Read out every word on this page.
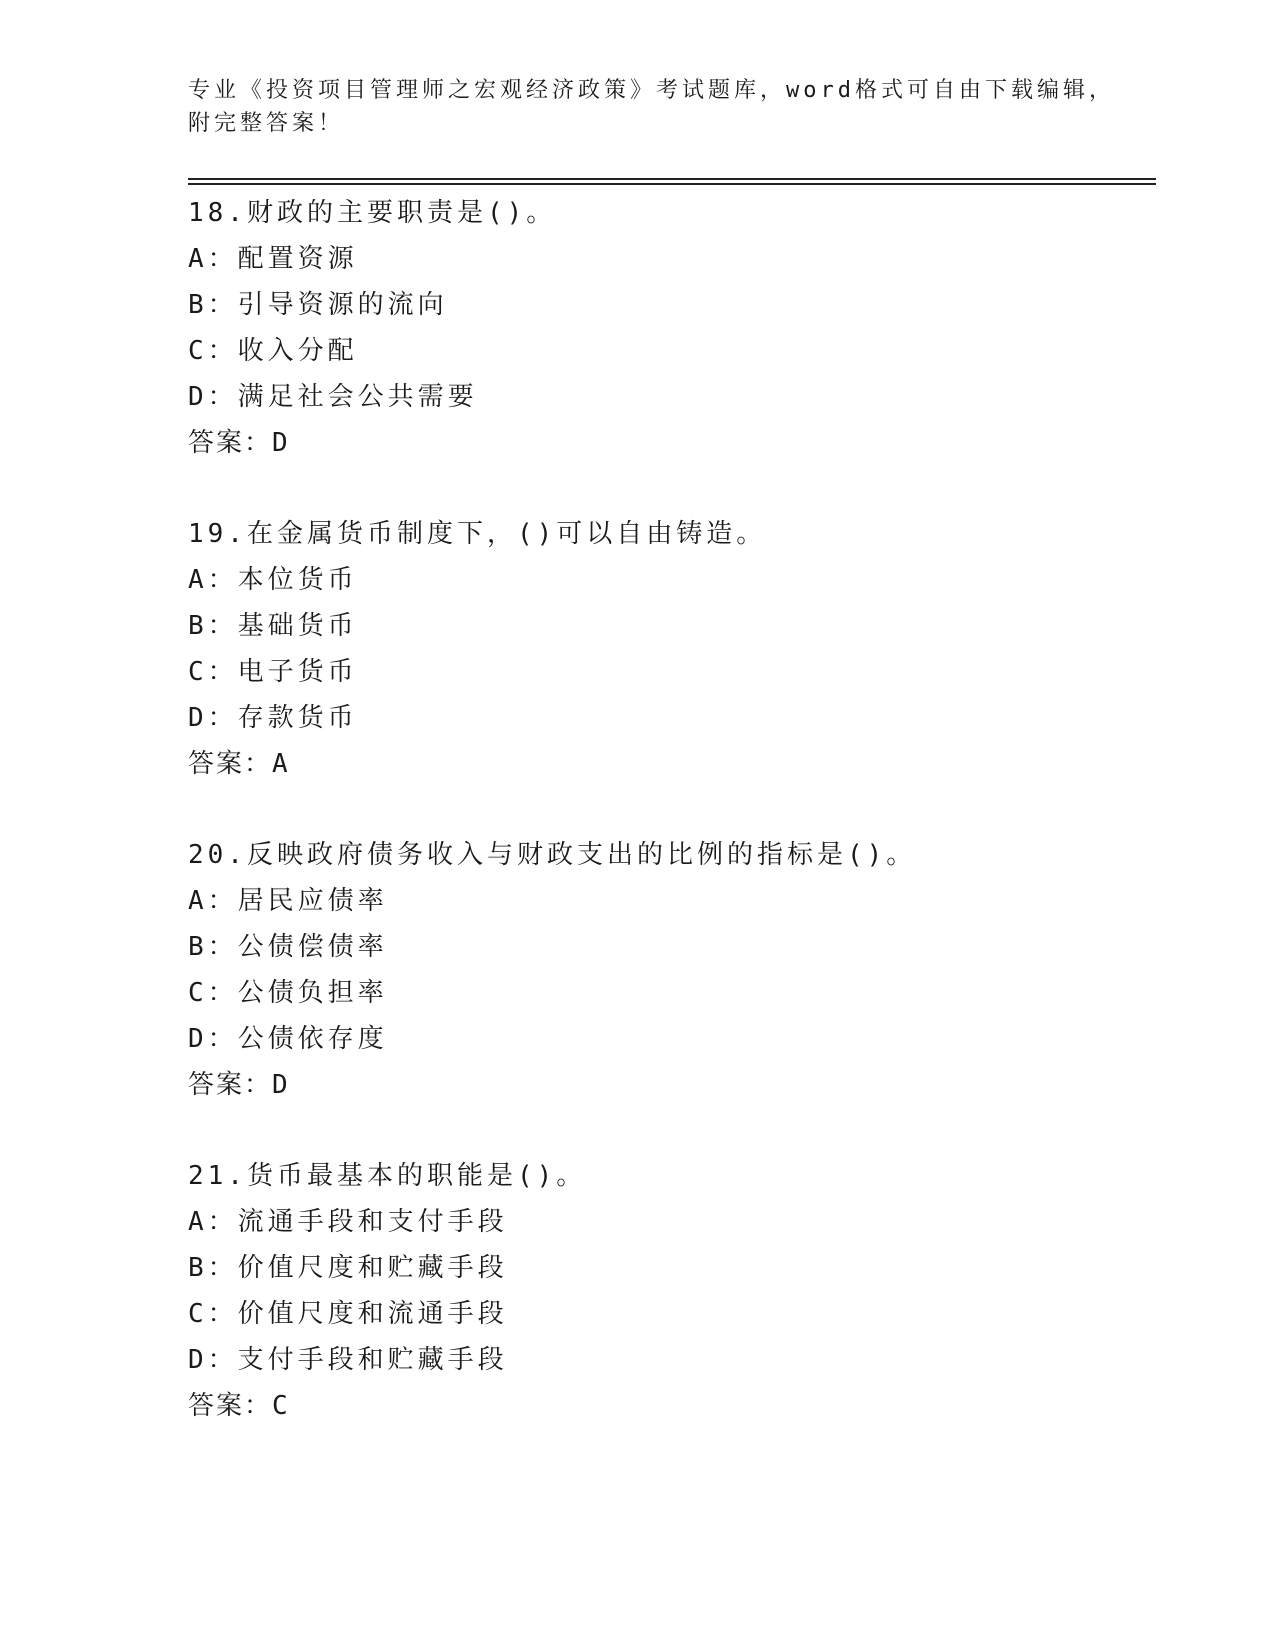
专业《投资项目管理师之宏观经济政策》考试题库，word格式可自由下载编辑，
附完整答案！
18.财政的主要职责是()。
A：配置资源
B：引导资源的流向
C：收入分配
D：满足社会公共需要
答案：D
19.在金属货币制度下，()可以自由铸造。
A：本位货币
B：基础货币
C：电子货币
D：存款货币
答案：A
20.反映政府债务收入与财政支出的比例的指标是()。
A：居民应债率
B：公债偿债率
C：公债负担率
D：公债依存度
答案：D
21.货币最基本的职能是()。
A：流通手段和支付手段
B：价值尺度和贮藏手段
C：价值尺度和流通手段
D：支付手段和贮藏手段
答案：C
